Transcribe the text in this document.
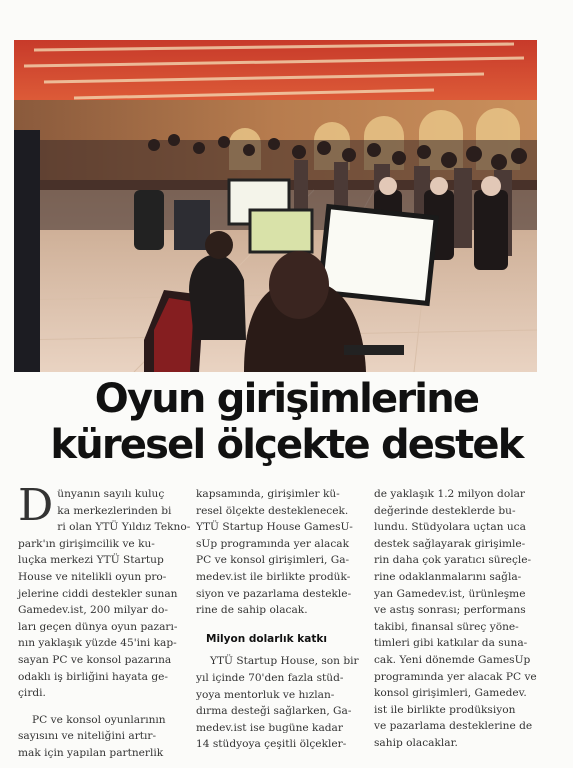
Oyun girişimlerine
küresel ölçekte destek
D ünyanın sayılı kuluç
ka merkezlerinden bi
ri olan YTÜ Yıldız Tekno-
park'ın girişimcilik ve ku-
luçka merkezi YTÜ Startup
House ve nitelikli oyun pro-
jelerine ciddi destekler sunan
Gamedev.ist, 200 milyar do-
ları geçen dünya oyun pazarı-
nın yaklaşık yüzde 45'ini kap-
sayan PC ve konsol pazarına
odaklı iş birliğini hayata ge-
çirdi.
PC ve konsol oyunlarının
sayısını ve niteliğini artır-
mak için yapılan partnerlik
kapsamında, girişimler kü-
resel ölçekte desteklenecek.
YTÜ Startup House GamesU-
sUp programında yer alacak
PC ve konsol girişimleri, Ga-
medev.ist ile birlikte prodük-
siyon ve pazarlama destekle-
rine de sahip olacak.
Milyon dolarlık katkı
YTÜ Startup House, son bir
yıl içinde 70'den fazla stüd-
yoya mentorluk ve hızlan-
dırma desteği sağlarken, Ga-
medev.ist ise bugüne kadar
14 stüdyoya çeşitli ölçekler-
de yaklaşık 1.2 milyon dolar
değerinde desteklerde bu-
lundu. Stüdyolara uçtan uca
destek sağlayarak girişimle-
rin daha çok yaratıcı süreçle-
rine odaklanmalarını sağla-
yan Gamedev.ist, ürünleşme
ve astış sonrası; performans
takibi, finansal süreç yöne-
timleri gibi katkılar da suna-
cak. Yeni dönemde GamesUp
programında yer alacak PC ve
konsol girişimleri, Gamedev.
ist ile birlikte prodüksiyon
ve pazarlama desteklerine de
sahip olacaklar.
